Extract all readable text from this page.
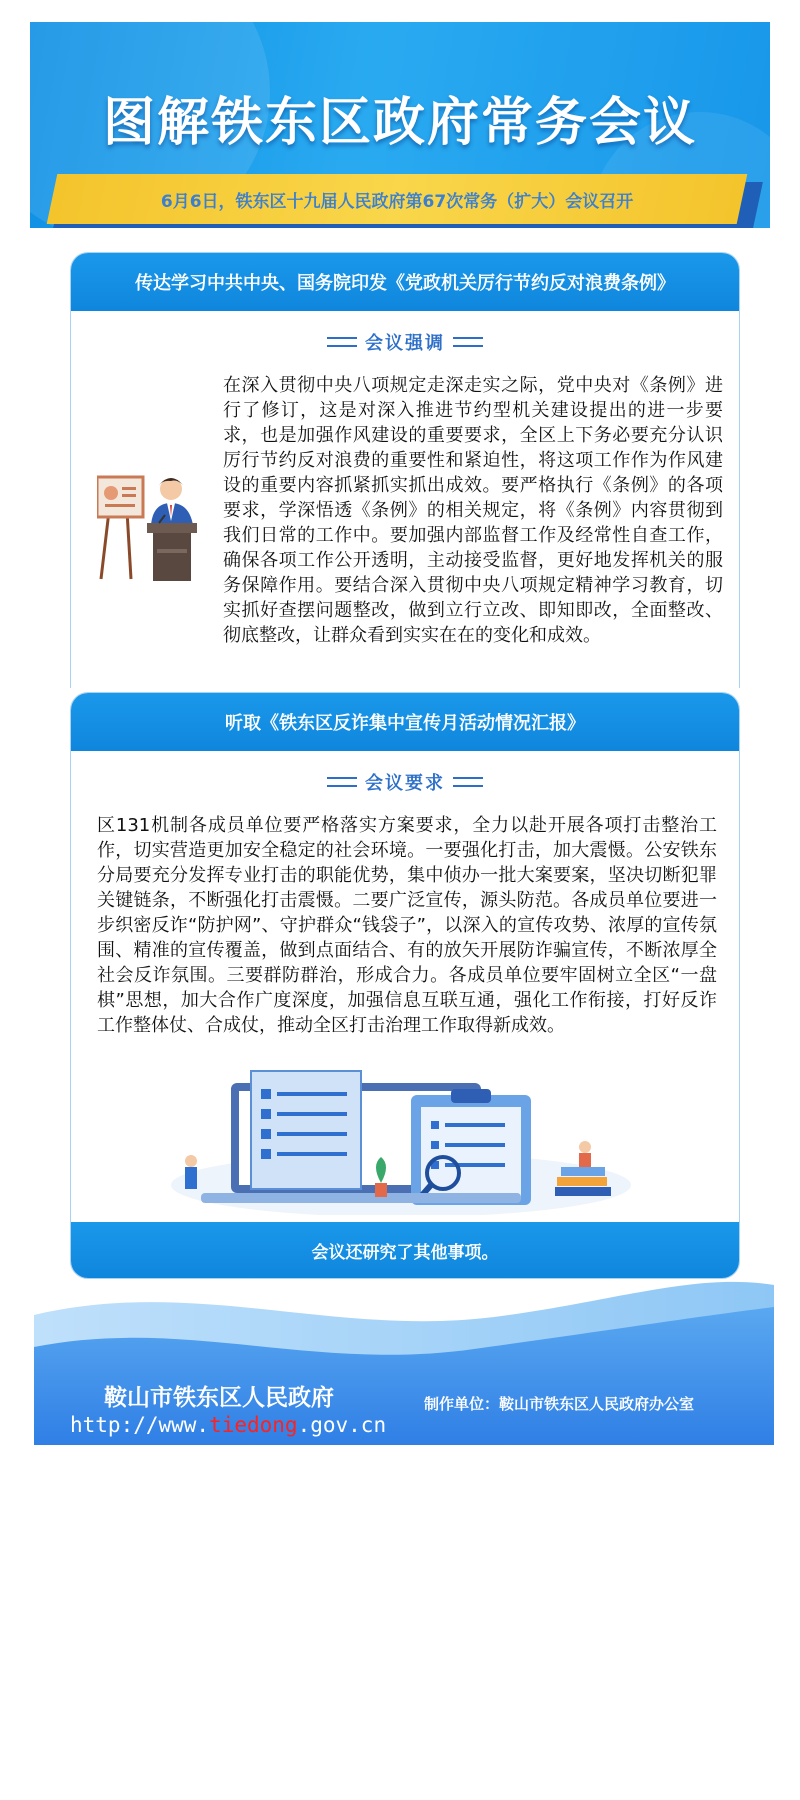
图解铁东区政府常务会议
6月6日，铁东区十九届人民政府第67次常务（扩大）会议召开
传达学习中共中央、国务院印发《党政机关厉行节约反对浪费条例》
会议强调
在深入贯彻中央八项规定走深走实之际，党中央对《条例》进行了修订，这是对深入推进节约型机关建设提出的进一步要求，也是加强作风建设的重要要求，全区上下务必要充分认识厉行节约反对浪费的重要性和紧迫性，将这项工作作为作风建设的重要内容抓紧抓实抓出成效。要严格执行《条例》的各项要求，学深悟透《条例》的相关规定，将《条例》内容贯彻到我们日常的工作中。要加强内部监督工作及经常性自查工作，确保各项工作公开透明，主动接受监督，更好地发挥机关的服务保障作用。要结合深入贯彻中央八项规定精神学习教育，切实抓好查摆问题整改，做到立行立改、即知即改，全面整改、彻底整改，让群众看到实实在在的变化和成效。
听取《铁东区反诈集中宣传月活动情况汇报》
会议要求
区131机制各成员单位要严格落实方案要求，全力以赴开展各项打击整治工作，切实营造更加安全稳定的社会环境。一要强化打击，加大震慑。公安铁东分局要充分发挥专业打击的职能优势，集中侦办一批大案要案，坚决切断犯罪关键链条，不断强化打击震慑。二要广泛宣传，源头防范。各成员单位要进一步织密反诈“防护网”、守护群众“钱袋子”，以深入的宣传攻势、浓厚的宣传氛围、精准的宣传覆盖，做到点面结合、有的放矢开展防诈骗宣传，不断浓厚全社会反诈氛围。三要群防群治，形成合力。各成员单位要牢固树立全区“一盘棋”思想，加大合作广度深度，加强信息互联互通，强化工作衔接，打好反诈工作整体仗、合成仗，推动全区打击治理工作取得新成效。
会议还研究了其他事项。
鞍山市铁东区人民政府
http://www.tiedong.gov.cn
制作单位：鞍山市铁东区人民政府办公室
